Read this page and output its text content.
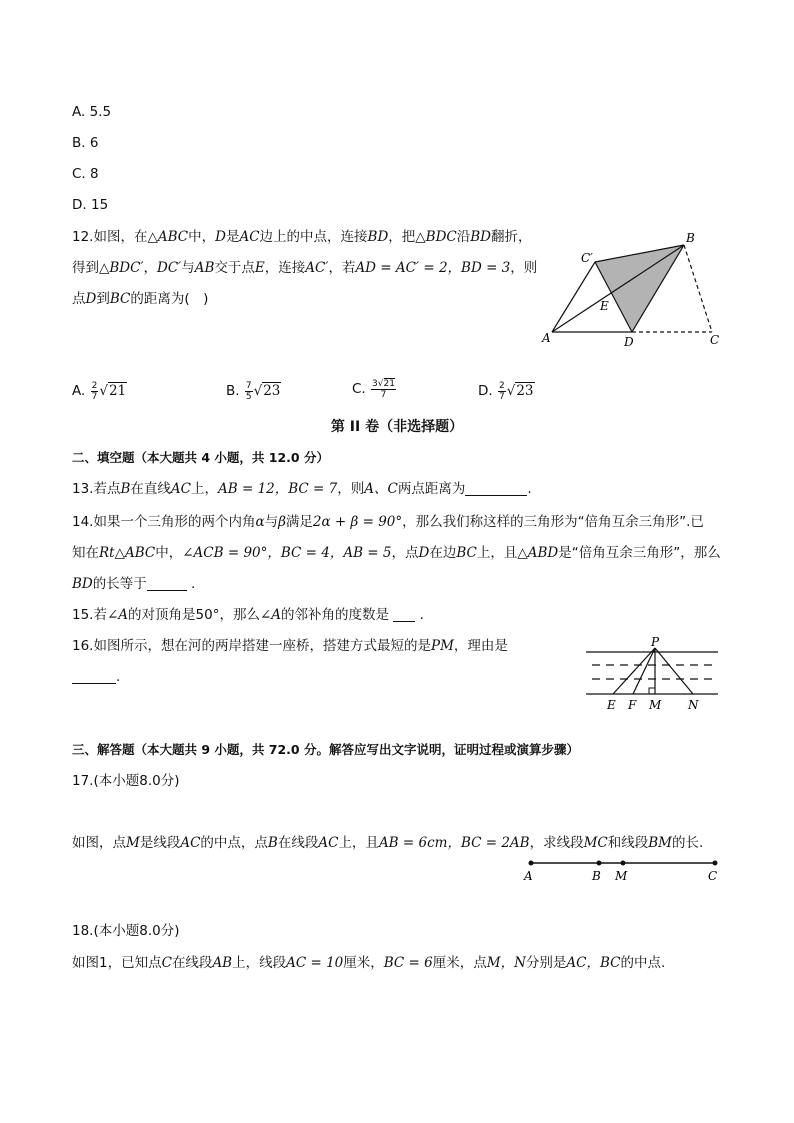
A. 5.5
B. 6
C. 8
D. 15
12.如图，在△ABC中，D是AC边上的中点，连接BD，把△BDC沿BD翻折，
得到△BDC′，DC′与AB交于点E，连接AC′，若AD = AC′ = 2，BD = 3，则
点D到BC的距离为(　)
A
B
C
D
E
C′
A. $\frac{2}{7} √21$	B. $\frac{7}{5} √23$	C. $\frac{3√21}{7}$	D. $\frac{2}{7} √23$
第 II 卷（非选择题）
二、填空题（本大题共 4 小题，共 12.0 分）
13.若点B在直线AC上，AB = 12，BC = 7，则A、C两点距离为	.
14.如果一个三角形的两个内角α与β满足2α + β = 90°，那么我们称这样的三角形为“倍角互余三角形”.已
知在Rt△ABC中，∠ACB = 90°，BC = 4，AB = 5，点D在边BC上，且△ABD是“倍角互余三角形”，那么
BD的长等于	.
15.若∠A的对顶角是50°，那么∠A的邻补角的度数是 .
16.如图所示，想在河的两岸搭建一座桥，搭建方式最短的是PM，理由是
.
P
E F M N
三、解答题（本大题共 9 小题，共 72.0 分。解答应写出文字说明，证明过程或演算步骤）
17.(本小题8.0分)
如图，点M是线段AC的中点，点B在线段AC上，且AB = 6cm，BC = 2AB，求线段MC和线段BM的长.
A	B M	C
18.(本小题8.0分)
如图1，已知点C在线段AB上，线段AC = 10厘米，BC = 6厘米，点M，N分别是AC，BC的中点.
